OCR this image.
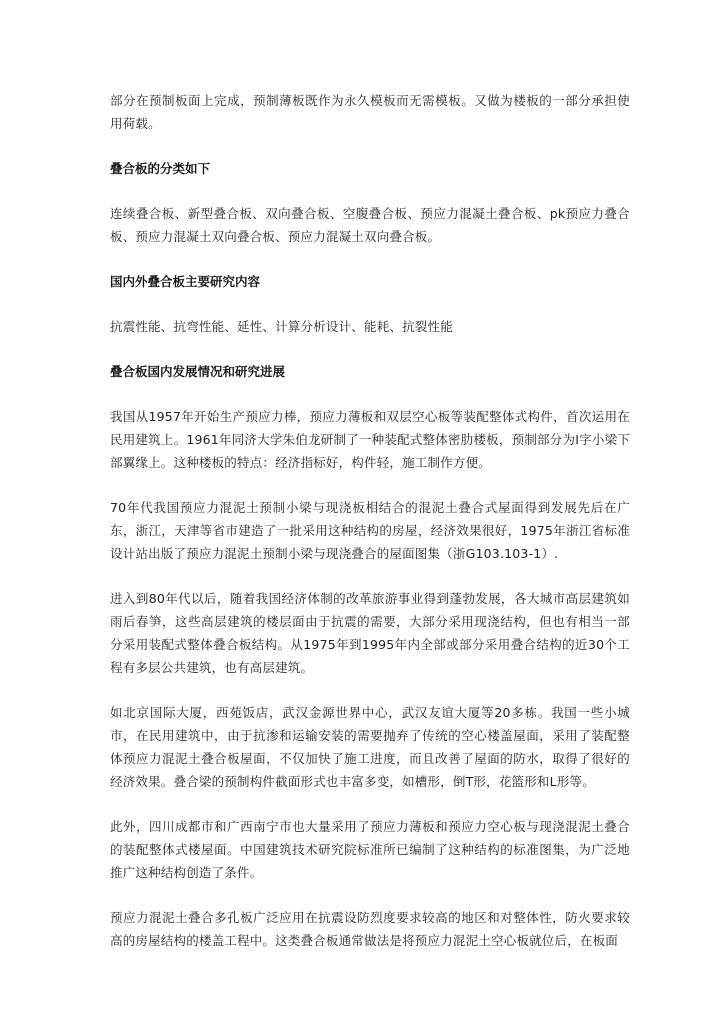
部分在预制板面上完成，预制薄板既作为永久模板而无需模板。又做为楼板的一部分承担使用荷载。

叠合板的分类如下

连续叠合板、新型叠合板、双向叠合板、空腹叠合板、预应力混凝土叠合板、pk预应力叠合板、预应力混凝土双向叠合板、预应力混凝土双向叠合板。

国内外叠合板主要研究内容

抗震性能、抗弯性能、延性、计算分析设计、能耗、抗裂性能

叠合板国内发展情况和研究进展

我国从1957年开始生产预应力棒，预应力薄板和双层空心板等装配整体式构件，首次运用在民用建筑上。1961年同济大学朱伯龙研制了一种装配式整体密肋楼板，预制部分为I字小梁下部翼缘上。这种楼板的特点：经济指标好，构件轻，施工制作方便。

70年代我国预应力混泥土预制小梁与现浇板相结合的混泥土叠合式屋面得到发展先后在广东，浙江，天津等省市建造了一批采用这种结构的房屋，经济效果很好，1975年浙江省标准设计站出版了预应力混泥土预制小梁与现浇叠合的屋面图集（浙G103.103-1）.

进入到80年代以后，随着我国经济体制的改革旅游事业得到蓬勃发展，各大城市高层建筑如雨后春笋，这些高层建筑的楼层面由于抗震的需要，大部分采用现浇结构，但也有相当一部分采用装配式整体叠合板结构。从1975年到1995年内全部或部分采用叠合结构的近30个工程有多层公共建筑，也有高层建筑。

如北京国际大厦，西苑饭店，武汉金源世界中心，武汉友谊大厦等20多栋。我国一些小城市，在民用建筑中，由于抗渗和运输安装的需要抛弃了传统的空心楼盖屋面，采用了装配整体预应力混泥土叠合板屋面，不仅加快了施工进度，而且改善了屋面的防水，取得了很好的经济效果。叠合梁的预制构件截面形式也丰富多变，如槽形，倒T形，花篮形和L形等。

此外，四川成都市和广西南宁市也大量采用了预应力薄板和预应力空心板与现浇混泥土叠合的装配整体式楼屋面。中国建筑技术研究院标准所已编制了这种结构的标准图集，为广泛地推广这种结构创造了条件。

预应力混泥土叠合多孔板广泛应用在抗震设防烈度要求较高的地区和对整体性，防火要求较高的房屋结构的楼盖工程中。这类叠合板通常做法是将预应力混泥土空心板就位后，在板面
